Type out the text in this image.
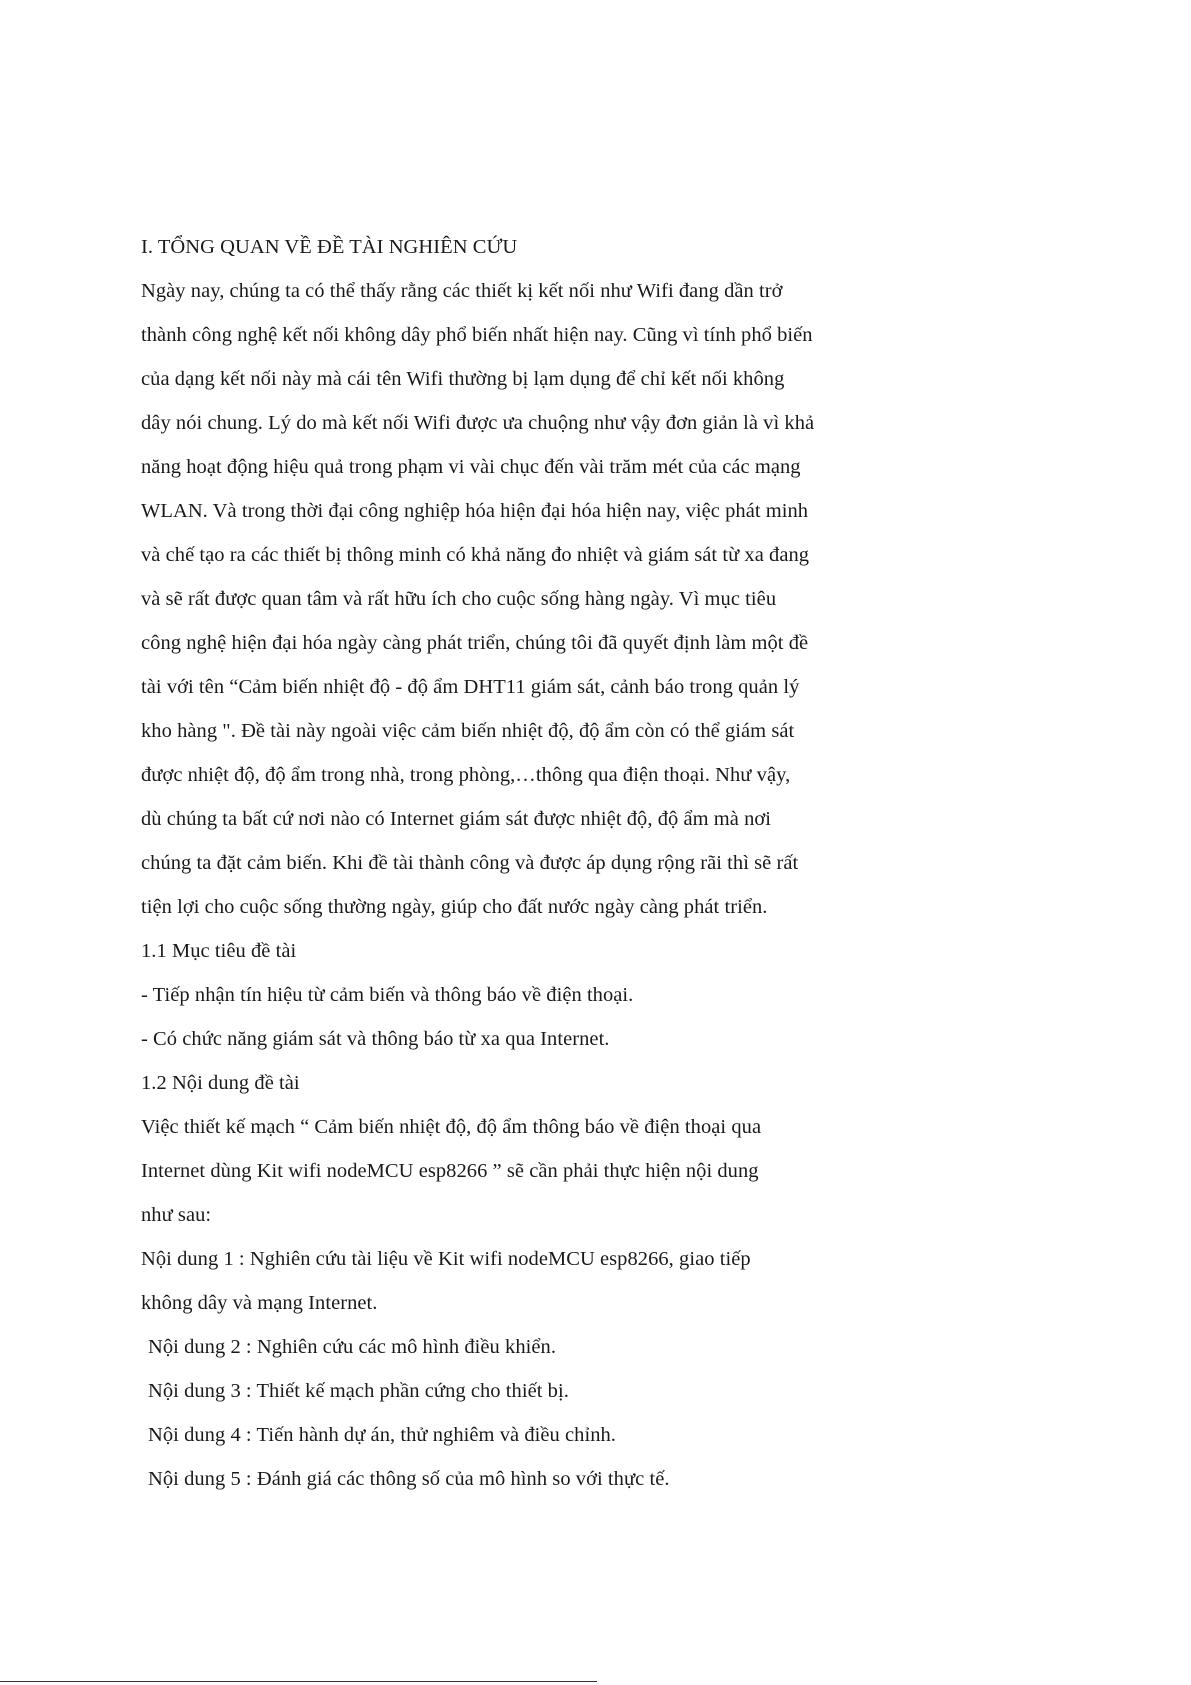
I. TỔNG QUAN VỀ ĐỀ TÀI NGHIÊN CỨU
Ngày nay, chúng ta có thể thấy rằng các thiết kị kết nối như Wifi đang dần trở
thành công nghệ kết nối không dây phổ biến nhất hiện nay. Cũng vì tính phổ biến
của dạng kết nối này mà cái tên Wifi thường bị lạm dụng để chỉ kết nối không
dây nói chung. Lý do mà kết nối Wifi được ưa chuộng như vậy đơn giản là vì khả
năng hoạt động hiệu quả trong phạm vi vài chục đến vài trăm mét của các mạng
WLAN. Và trong thời đại công nghiệp hóa hiện đại hóa hiện nay, việc phát minh
và chế tạo ra các thiết bị thông minh có khả năng đo nhiệt và giám sát từ xa đang
và sẽ rất được quan tâm và rất hữu ích cho cuộc sống hàng ngày. Vì mục tiêu
công nghệ hiện đại hóa ngày càng phát triển, chúng tôi đã quyết định làm một đề
tài với tên “Cảm biến nhiệt độ - độ ẩm DHT11 giám sát, cảnh báo trong quản lý
kho hàng ". Đề tài này ngoài việc cảm biến nhiệt độ, độ ẩm còn có thể giám sát
được nhiệt độ, độ ẩm trong nhà, trong phòng,…thông qua điện thoại. Như vậy,
dù chúng ta bất cứ nơi nào có Internet giám sát được nhiệt độ, độ ẩm mà nơi
chúng ta đặt cảm biến. Khi đề tài thành công và được áp dụng rộng rãi thì sẽ rất
tiện lợi cho cuộc sống thường ngày, giúp cho đất nước ngày càng phát triển.
1.1 Mục tiêu đề tài
- Tiếp nhận tín hiệu từ cảm biến và thông báo về điện thoại.
- Có chức năng giám sát và thông báo từ xa qua Internet.
1.2 Nội dung đề tài
Việc thiết kế mạch “ Cảm biến nhiệt độ, độ ẩm thông báo về điện thoại qua
Internet dùng Kit wifi nodeMCU esp8266 ” sẽ cần phải thực hiện nội dung
như sau:
Nội dung 1 : Nghiên cứu tài liệu về Kit wifi nodeMCU esp8266, giao tiếp
không dây và mạng Internet.
Nội dung 2 : Nghiên cứu các mô hình điều khiển.
Nội dung 3 : Thiết kế mạch phần cứng cho thiết bị.
Nội dung 4 : Tiến hành dự án, thử nghiêm và điều chỉnh.
Nội dung 5 : Đánh giá các thông số của mô hình so với thực tế.
